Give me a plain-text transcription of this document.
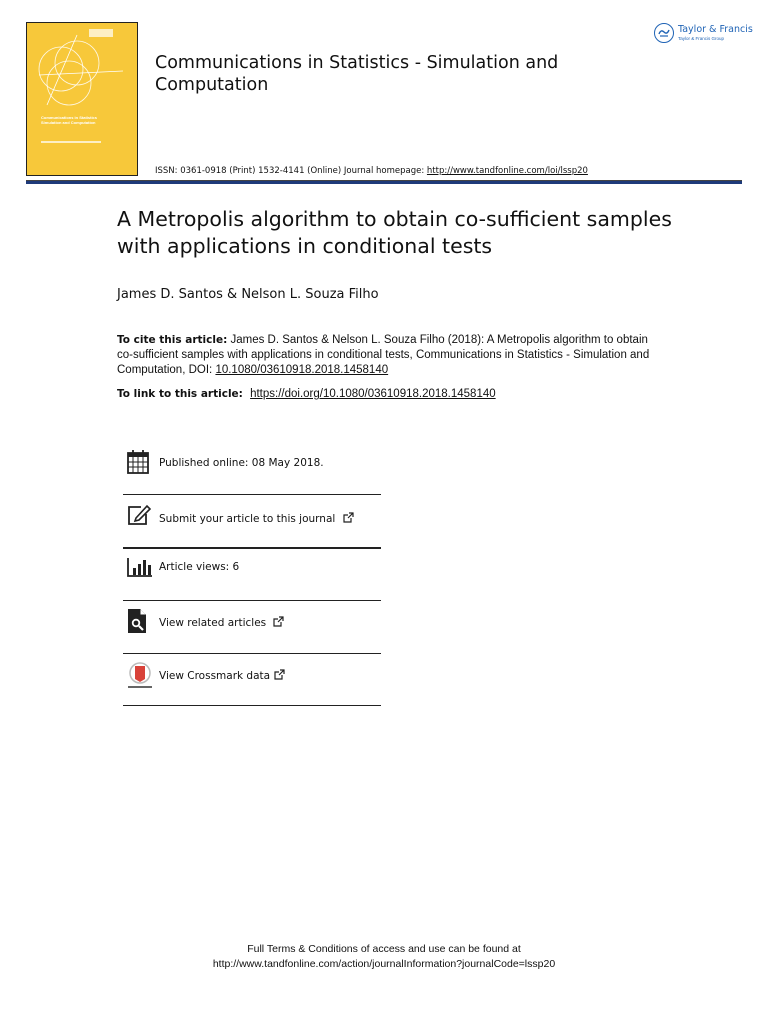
Communications in Statistics
Simulation and Computation
Communications in Statistics - Simulation and Computation
Taylor & Francis
Taylor & Francis Group
ISSN: 0361-0918 (Print) 1532-4141 (Online) Journal homepage: http://www.tandfonline.com/loi/lssp20
A Metropolis algorithm to obtain co-sufficient samples with applications in conditional tests
James D. Santos & Nelson L. Souza Filho
To cite this article: James D. Santos & Nelson L. Souza Filho (2018): A Metropolis algorithm to obtain co-sufficient samples with applications in conditional tests, Communications in Statistics - Simulation and Computation, DOI: 10.1080/03610918.2018.1458140
To link to this article: https://doi.org/10.1080/03610918.2018.1458140
Published online: 08 May 2018.
Submit your article to this journal
Article views: 6
View related articles
View Crossmark data
Full Terms & Conditions of access and use can be found at
http://www.tandfonline.com/action/journalInformation?journalCode=lssp20
